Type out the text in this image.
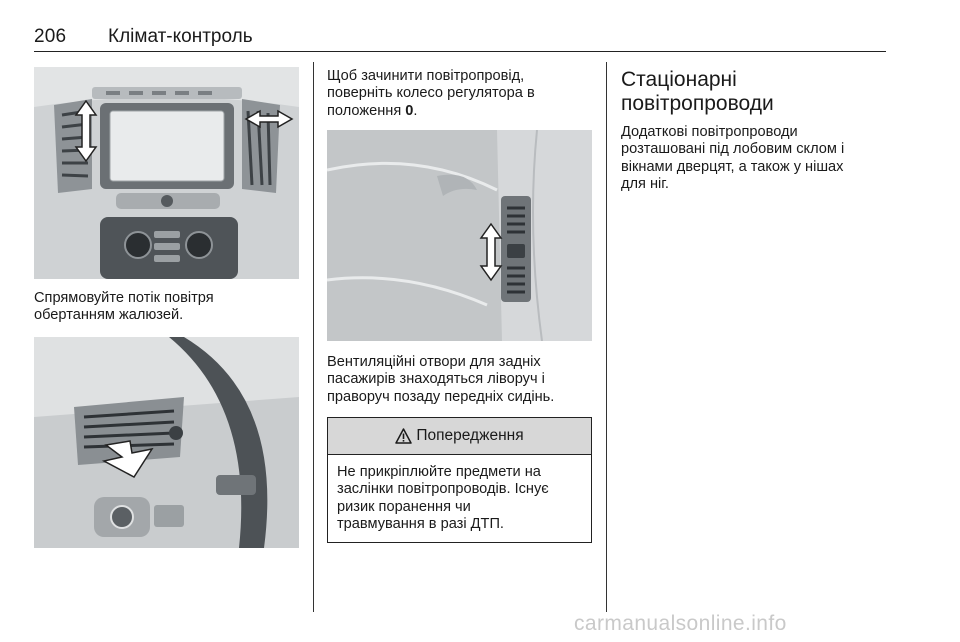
206 Клімат-контроль
Спрямовуйте потік повітря
обертанням жалюзей.
Щоб зачинити повітропровід,
поверніть колесо регулятора в
положення 0.
Вентиляційні отвори для задніх
пасажирів знаходяться ліворуч і
праворуч позаду передніх сидінь.
Попередження
Не прикріплюйте предмети на
заслінки повітропроводів. Існує
ризик поранення чи
травмування в разі ДТП.
Стаціонарні
повітропроводи
Додаткові повітропроводи
розташовані під лобовим склом і
вікнами дверцят, а також у нішах
для ніг.
carmanualsonline.info
